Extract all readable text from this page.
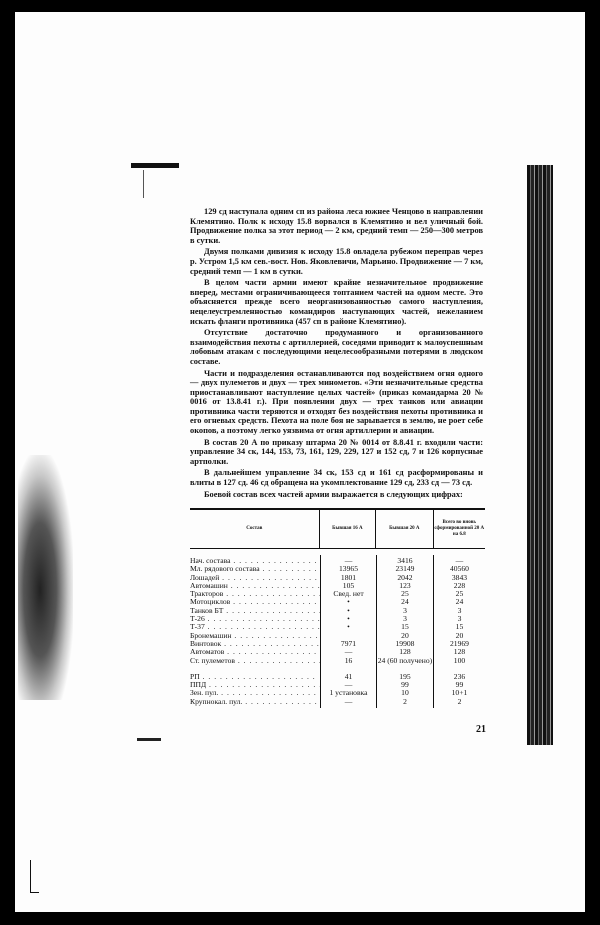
129 сд наступала одним сп из района леса южнее Ченцово в направлении Клемятино. Полк к исходу 15.8 ворвался в Клемятино и вел уличный бой. Продвижение полка за этот период — 2 км, средний темп — 250—300 метров в сутки.

Двумя полками дивизия к исходу 15.8 овладела рубежом переправ через р. Устром 1,5 км сев.-вост. Нов. Яковлевичи, Марьино. Продвижение — 7 км, средний темп — 1 км в сутки.

В целом части армии имеют крайне незначительное продвижение вперед, местами ограничивающееся топтанием частей на одном месте. Это объясняется прежде всего неорганизованностью самого наступления, нецелеустремленностью командиров наступающих частей, нежеланием искать фланги противника (457 сп в районе Клемятино).

Отсутствие достаточно продуманного и организованного взаимодействия пехоты с артиллерией, соседями приводит к малоуспешным лобовым атакам с последующими нецелесообразными потерями в людском составе.

Части и подразделения останавливаются под воздействием огня одного — двух пулеметов и двух — трех минометов. «Эти незначительные средства приостанавливают наступление целых частей» (приказ командарма 20 № 0016 от 13.8.41 г.). При появлении двух — трех танков или авиации противника части теряются и отходят без воздействия пехоты противника и его огневых средств. Пехота на поле боя не зарывается в землю, не роет себе окопов, а поэтому легко уязвима от огня артиллерии и авиации.

В состав 20 А по приказу штарма 20 № 0014 от 8.8.41 г. входили части: управление 34 ск, 144, 153, 73, 161, 129, 229, 127 и 152 сд, 7 и 126 корпусные артполки.

В дальнейшем управление 34 ск, 153 сд и 161 сд расформированы и влиты в 127 сд. 46 сд обращена на укомплектование 129 сд, 233 сд — 73 сд.

Боевой состав всех частей армии выражается в следующих цифрах:

Состав	Бывшая 16 А	Бывшая 20 А
Всего во вновь сформированной 20 А на 6.8
Нач. состава . . .
Мл. рядового состава . . .
Лошадей . . .
Автомашин . . .
Тракторов . . .
Мотоциклов . . .
Танков БТ . . .
Т-26 . . .
Т-37 . . .
Бронемашин . . .
Винтовок . . .
Автоматов . . .
Ст. пулеметов . . .
РП . . .
ППД . . .
Зен. пул. . . .
Крупнокал. пул. . . .
—
13965
1801
105
Свед. нет
•
•
•
•
7971
—
16
41
—
1 установка
—
3416
23149
2042
123
25
24
3
3
15
20
19908
128
24 (60 получено)
195
99
10
2
—
40560
3843
228
25
24
3
3
15
20
21969
128
100
236
99
10+1
2
21
